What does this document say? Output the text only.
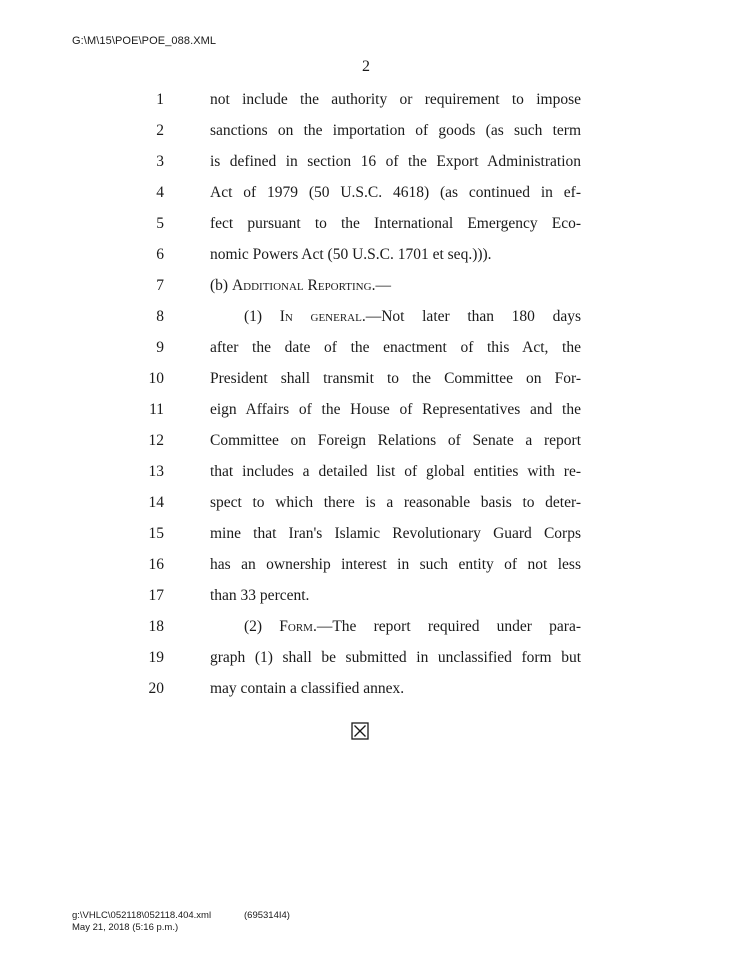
G:\M\15\POE\POE_088.XML
2
1	not include the authority or requirement to impose
2	sanctions on the importation of goods (as such term
3	is defined in section 16 of the Export Administration
4	Act of 1979 (50 U.S.C. 4618) (as continued in ef-
5	fect pursuant to the International Emergency Eco-
6	nomic Powers Act (50 U.S.C. 1701 et seq.))).
7	(b) Additional Reporting.—
8	(1) In general.—Not later than 180 days
9	after the date of the enactment of this Act, the
10	President shall transmit to the Committee on For-
11	eign Affairs of the House of Representatives and the
12	Committee on Foreign Relations of Senate a report
13	that includes a detailed list of global entities with re-
14	spect to which there is a reasonable basis to deter-
15	mine that Iran's Islamic Revolutionary Guard Corps
16	has an ownership interest in such entity of not less
17	than 33 percent.
18	(2) Form.—The report required under para-
19	graph (1) shall be submitted in unclassified form but
20	may contain a classified annex.
g:\VHLC\052118\052118.404.xml	(695314I4)
May 21, 2018 (5:16 p.m.)
